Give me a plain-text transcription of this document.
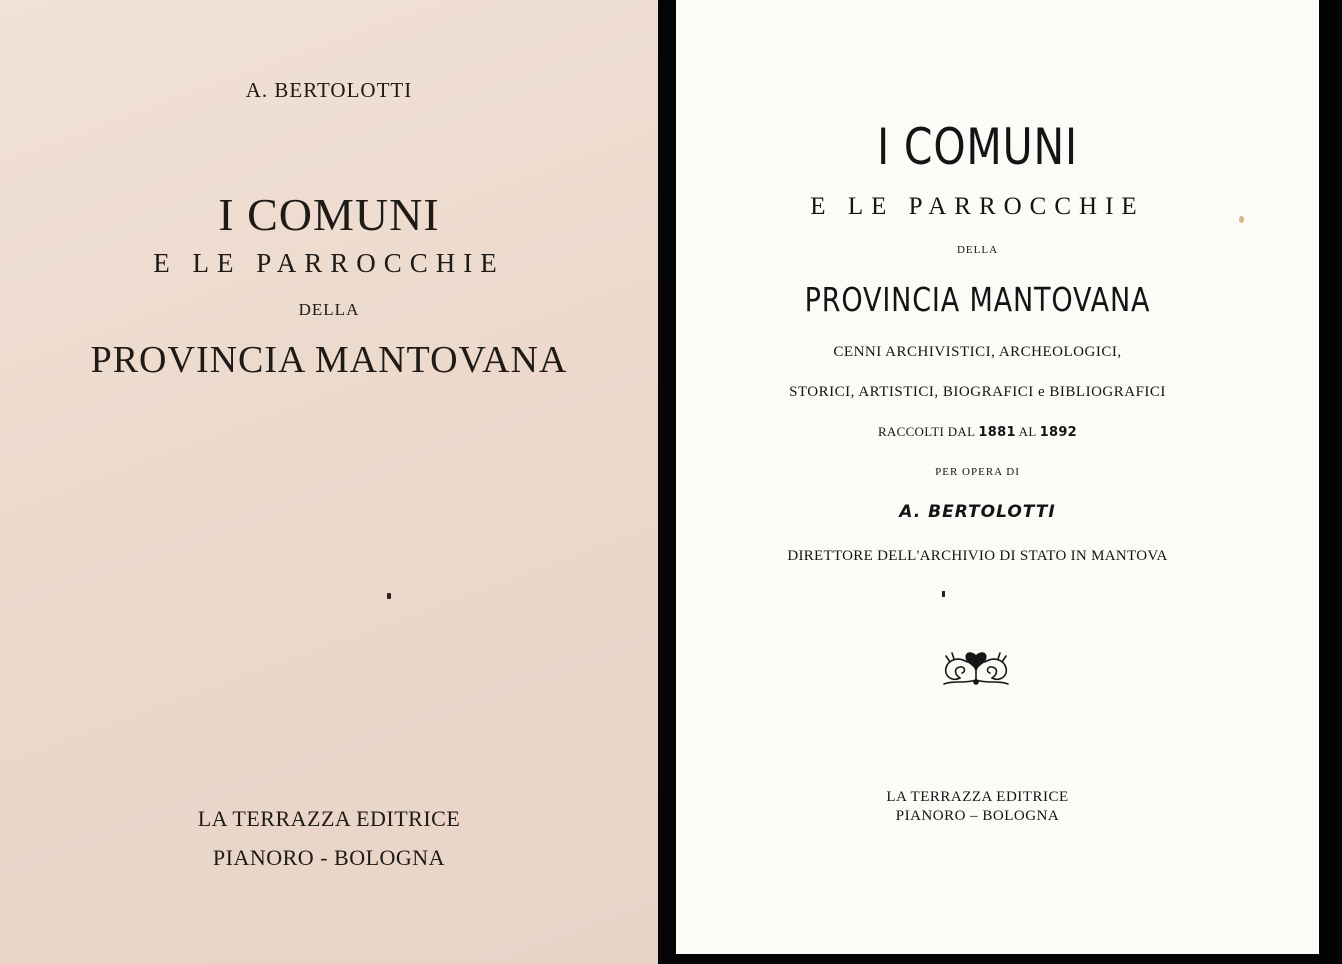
A. BERTOLOTTI
I COMUNI
E LE PARROCCHIE
DELLA
PROVINCIA MANTOVANA
LA TERRAZZA EDITRICE
PIANORO - BOLOGNA
I COMUNI
E LE PARROCCHIE
DELLA
PROVINCIA MANTOVANA
CENNI ARCHIVISTICI, ARCHEOLOGICI,
STORICI, ARTISTICI, BIOGRAFICI e BIBLIOGRAFICI
RACCOLTI DAL 1881 AL 1892
PER OPERA DI
A. BERTOLOTTI
DIRETTORE DELL'ARCHIVIO DI STATO IN MANTOVA
LA TERRAZZA EDITRICE
PIANORO – BOLOGNA
